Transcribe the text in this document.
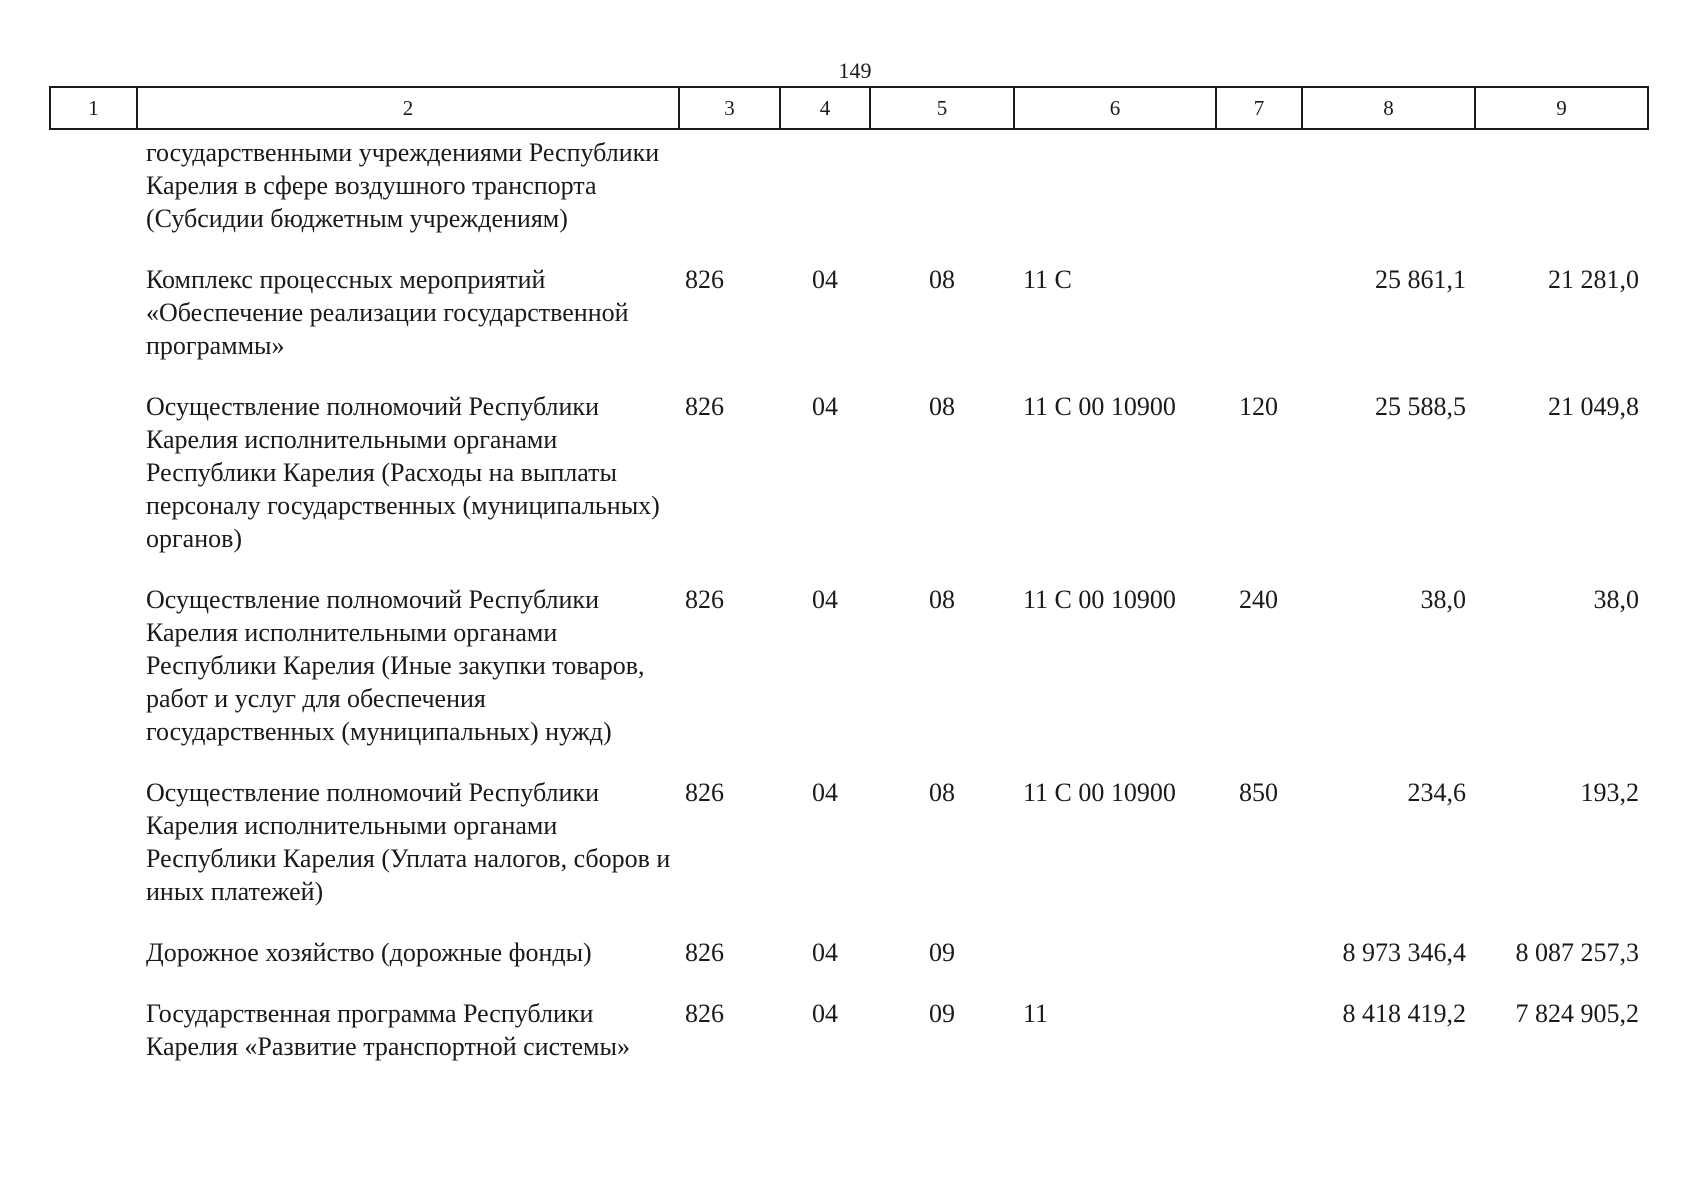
149
1	2	3	4	5	6	7	8	9
	государственными учреждениями Республики Карелия в сфере воздушного транспорта (Субсидии бюджетным учреждениям)							
	Комплекс процессных мероприятий «Обеспечение реализации государственной программы»	826	04	08	11 С		25 861,1	21 281,0
	Осуществление полномочий Республики Карелия исполнительными органами Республики Карелия (Расходы на выплаты персоналу государственных (муниципальных) органов)	826	04	08	11 С 00 10900	120	25 588,5	21 049,8
	Осуществление полномочий Республики Карелия исполнительными органами Республики Карелия (Иные закупки товаров, работ и услуг для обеспечения государственных (муниципальных) нужд)	826	04	08	11 С 00 10900	240	38,0	38,0
	Осуществление полномочий Республики Карелия исполнительными органами Республики Карелия (Уплата налогов, сборов и иных платежей)	826	04	08	11 С 00 10900	850	234,6	193,2
	Дорожное хозяйство (дорожные фонды)	826	04	09			8 973 346,4	8 087 257,3
	Государственная программа Республики Карелия «Развитие транспортной системы»	826	04	09	11		8 418 419,2	7 824 905,2
